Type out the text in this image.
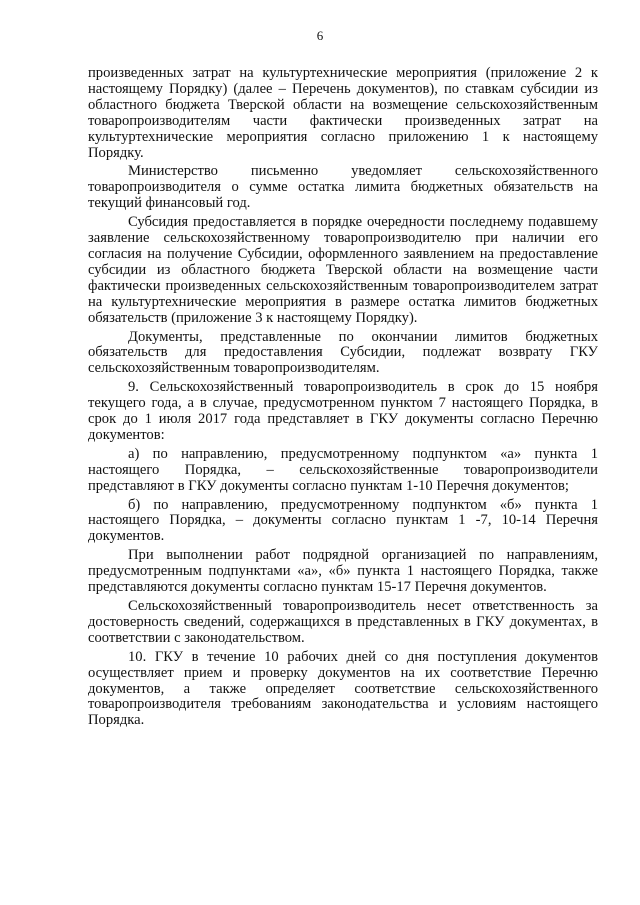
6

произведенных затрат на культуртехнические мероприятия (приложение 2 к настоящему Порядку) (далее – Перечень документов), по ставкам субсидии из областного бюджета Тверской области на возмещение сельскохозяйственным товаропроизводителям части фактически произведенных затрат на культуртехнические мероприятия согласно приложению 1 к настоящему Порядку.

Министерство письменно уведомляет сельскохозяйственного товаропроизводителя о сумме остатка лимита бюджетных обязательств на текущий финансовый год.

Субсидия предоставляется в порядке очередности последнему подавшему заявление сельскохозяйственному товаропроизводителю при наличии его согласия на получение Субсидии, оформленного заявлением на предоставление субсидии из областного бюджета Тверской области на возмещение части фактически произведенных сельскохозяйственным товаропроизводителем затрат на культуртехнические мероприятия в размере остатка лимитов бюджетных обязательств (приложение 3 к настоящему Порядку).

Документы, представленные по окончании лимитов бюджетных обязательств для предоставления Субсидии, подлежат возврату ГКУ сельскохозяйственным товаропроизводителям.

9. Сельскохозяйственный товаропроизводитель в срок до 15 ноября текущего года, а в случае, предусмотренном пунктом 7 настоящего Порядка, в срок до 1 июля 2017 года представляет в ГКУ документы согласно Перечню документов:

а) по направлению, предусмотренному подпунктом «а» пункта 1 настоящего Порядка, – сельскохозяйственные товаропроизводители представляют в ГКУ документы согласно пунктам 1-10 Перечня документов;

б) по направлению, предусмотренному подпунктом «б» пункта 1 настоящего Порядка, – документы согласно пунктам 1 -7, 10-14 Перечня документов.

При выполнении работ подрядной организацией по направлениям, предусмотренным подпунктами «а», «б» пункта 1 настоящего Порядка, также представляются документы согласно пунктам 15-17 Перечня документов.

Сельскохозяйственный товаропроизводитель несет ответственность за достоверность сведений, содержащихся в представленных в ГКУ документах, в соответствии с законодательством.

10. ГКУ в течение 10 рабочих дней со дня поступления документов осуществляет прием и проверку документов на их соответствие Перечню документов, а также определяет соответствие сельскохозяйственного товаропроизводителя требованиям законодательства и условиям настоящего Порядка.
